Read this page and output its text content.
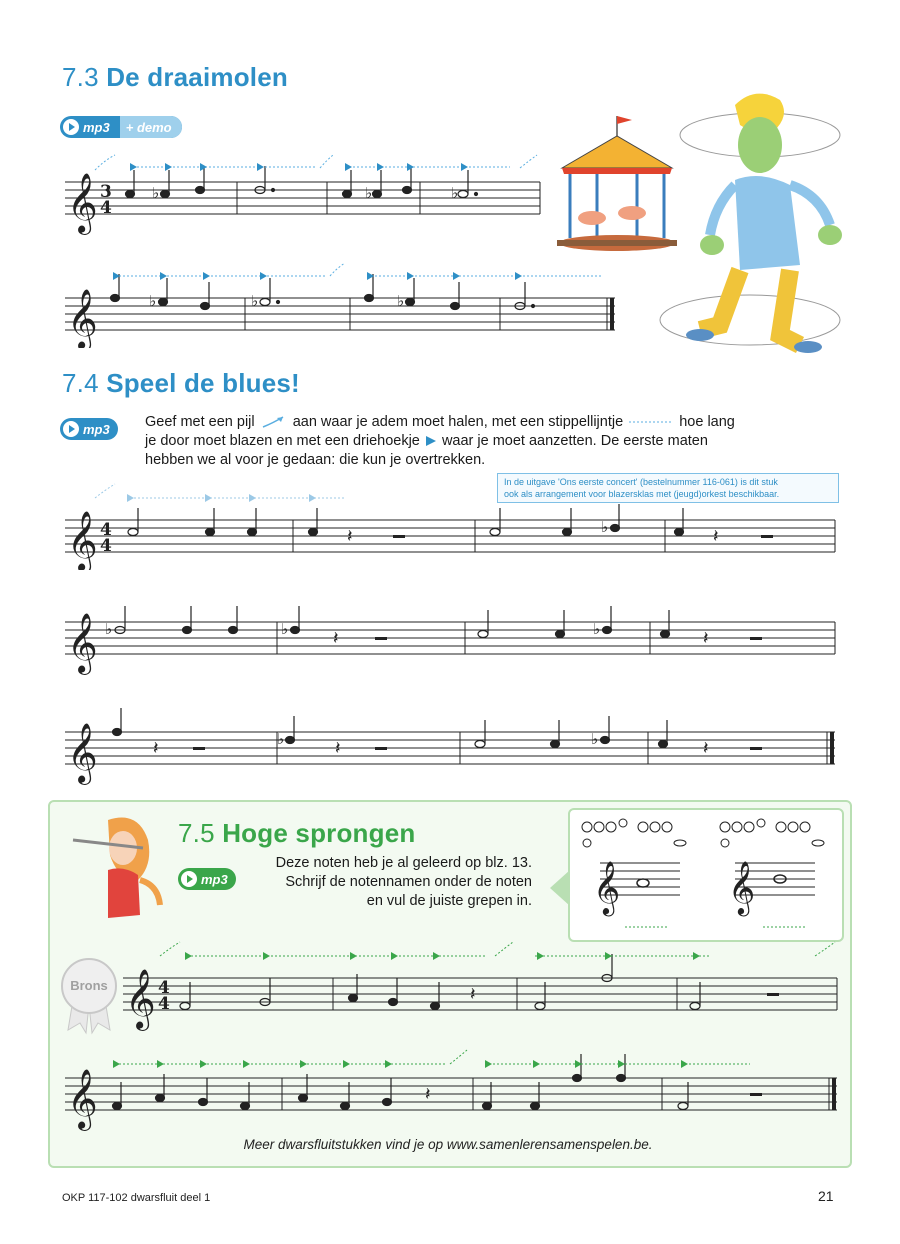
7.3 De draaimolen
mp3	+ demo
𝄞 3
4
♭	♭	♭
𝄞	♭	♭	♭
7.4 Speel de blues!
mp3	Geef met een pijl	aan waar je adem moet halen, met een stippellijntje	hoe lang
je door moet blazen en met een driehoekje waar je moet aanzetten. De eerste maten
hebben we al voor je gedaan: die kun je overtrekken.
In de uitgave 'Ons eerste concert' (bestelnummer 116-061) is dit stuk
ook als arrangement voor blazersklas met (jeugd)orkest beschikbaar.
𝄞 4
4	𝄽	𝄽
♭
𝄞	𝄽	𝄽
♭	♭	♭
𝄞	𝄽	𝄽	𝄽
♭	♭
7.5 Hoge sprongen
mp3
Deze noten heb je al geleerd op blz. 13.
Schrijf de notennamen onder de noten
en vul de juiste grepen in. 𝄞 𝄞
Brons 𝄞 4
4	𝄽
𝄞	𝄽
Meer dwarsfluitstukken vind je op www.samenlerensamenspelen.be.
OKP 117-102 dwarsfluit deel 1	21
